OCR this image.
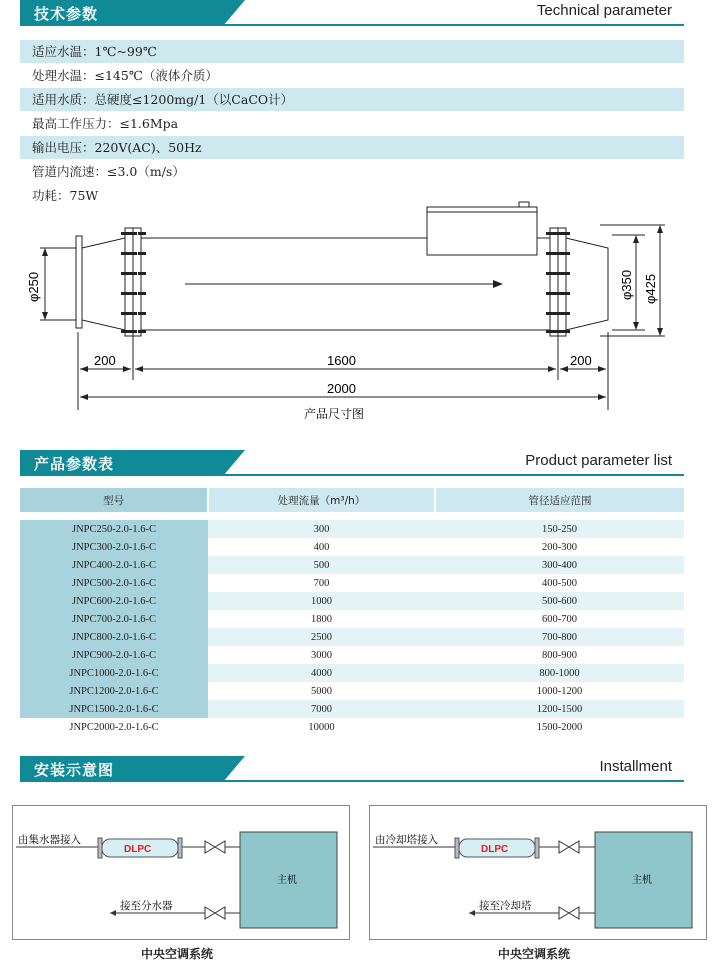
技术参数	Technical parameter
适应水温：1℃~99℃
处理水温：≤145℃（液体介质）
适用水质：总硬度≤1200mg/1（以CaCO计）
最高工作压力：≤1.6Mpa
输出电压：220V(AC)、50Hz
管道内流速：≤3.0（m/s）
功耗：75W
φ250	φ350 φ425
200	1600	200
2000
产品尺寸图
产品参数表	Product parameter list
型号	处理流量（m³/h）	管径适应范围

JNPC250-2.0-1.6-C	300	150-250
JNPC300-2.0-1.6-C	400	200-300
JNPC400-2.0-1.6-C	500	300-400
JNPC500-2.0-1.6-C	700	400-500
JNPC600-2.0-1.6-C	1000	500-600
JNPC700-2.0-1.6-C	1800	600-700
JNPC800-2.0-1.6-C	2500	700-800
JNPC900-2.0-1.6-C	3000	800-900
JNPC1000-2.0-1.6-C	4000	800-1000
JNPC1200-2.0-1.6-C	5000	1000-1200
JNPC1500-2.0-1.6-C	7000	1200-1500
JNPC2000-2.0-1.6-C	10000	1500-2000
安装示意图	Installment
DLPC
主机
由集水器接入
接至分水器
中央空调系统
DLPC
主机
由冷却塔接入
接至冷却塔
中央空调系统
